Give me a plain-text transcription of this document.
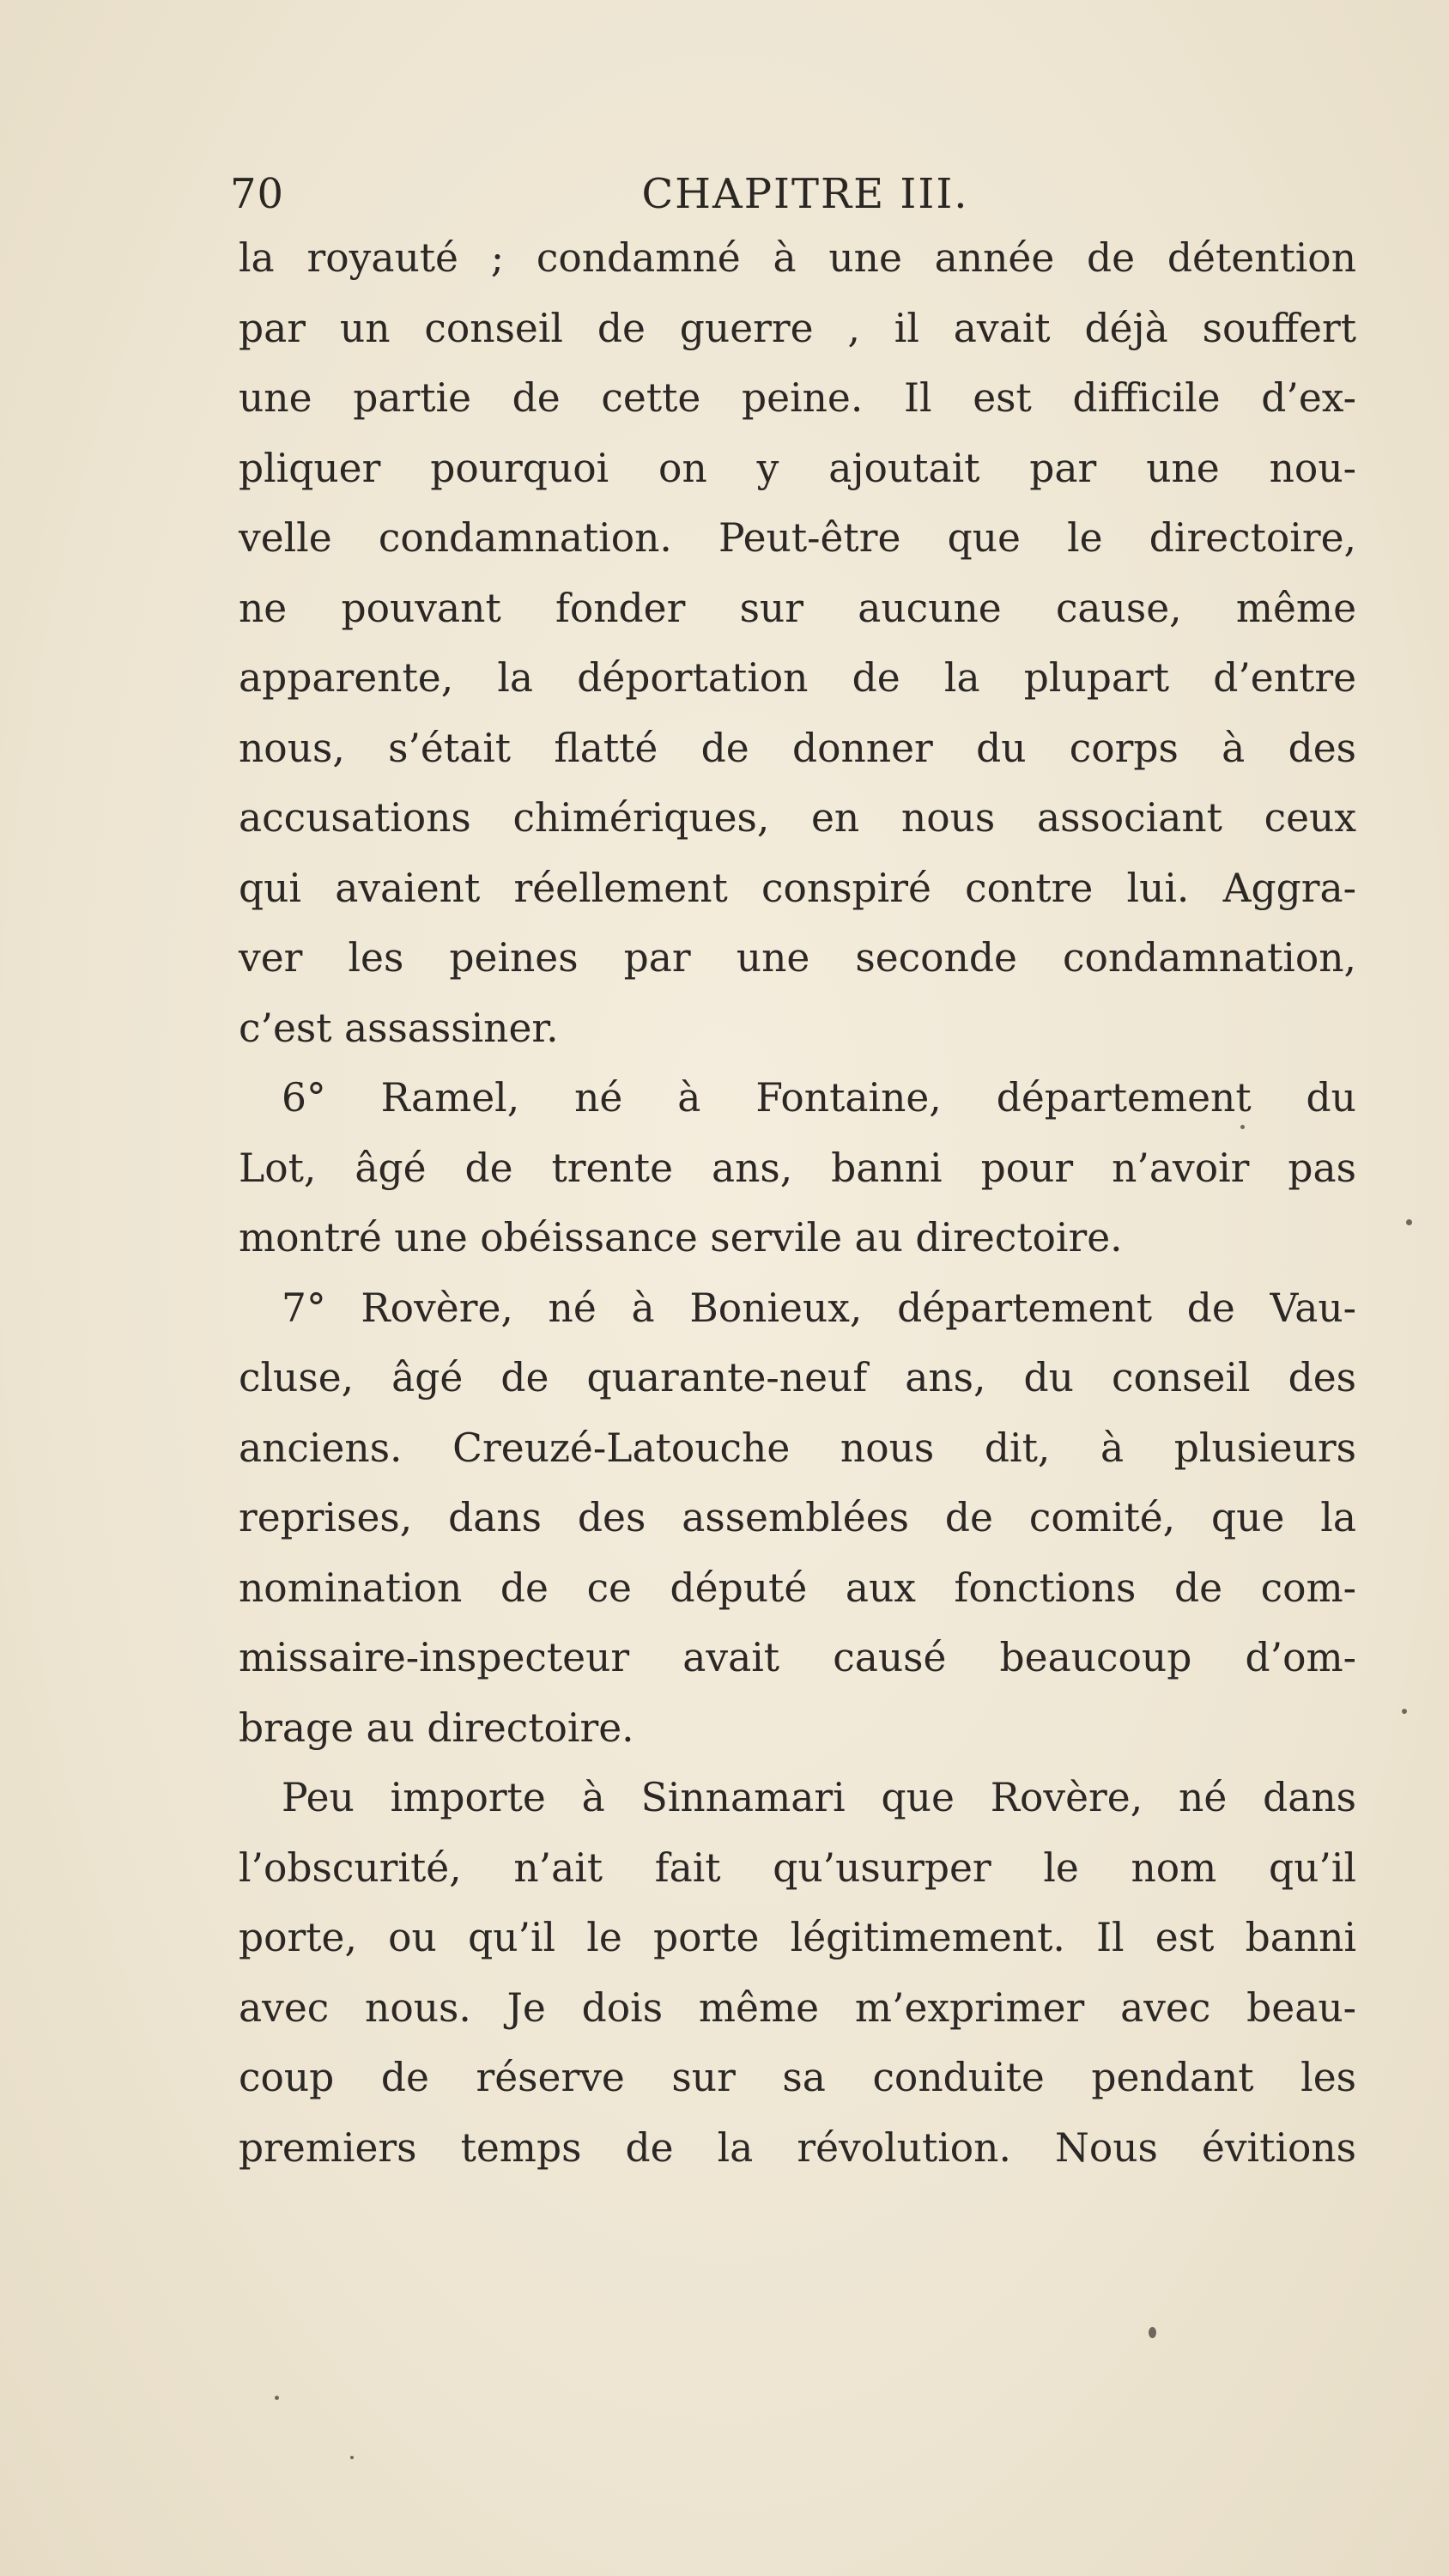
70	CHAPITRE III.
la royauté ; condamné à une année de détention
par un conseil de guerre , il avait déjà souffert
une partie de cette peine. Il est difficile d’ex-
pliquer pourquoi on y ajoutait par une nou-
velle condamnation. Peut-être que le directoire,
ne pouvant fonder sur aucune cause, même
apparente, la déportation de la plupart d’entre
nous, s’était flatté de donner du corps à des
accusations chimériques, en nous associant ceux
qui avaient réellement conspiré contre lui. Aggra-
ver les peines par une seconde condamnation,
c’est assassiner.
6° Ramel, né à Fontaine, département du
Lot, âgé de trente ans, banni pour n’avoir pas
montré une obéissance servile au directoire.
7° Rovère, né à Bonieux, département de Vau-
cluse, âgé de quarante-neuf ans, du conseil des
anciens. Creuzé-Latouche nous dit, à plusieurs
reprises, dans des assemblées de comité, que la
nomination de ce député aux fonctions de com-
missaire-inspecteur avait causé beaucoup d’om-
brage au directoire.
Peu importe à Sinnamari que Rovère, né dans
l’obscurité, n’ait fait qu’usurper le nom qu’il
porte, ou qu’il le porte légitimement. Il est banni
avec nous. Je dois même m’exprimer avec beau-
coup de réserve sur sa conduite pendant les
premiers temps de la révolution. Nous évitions
